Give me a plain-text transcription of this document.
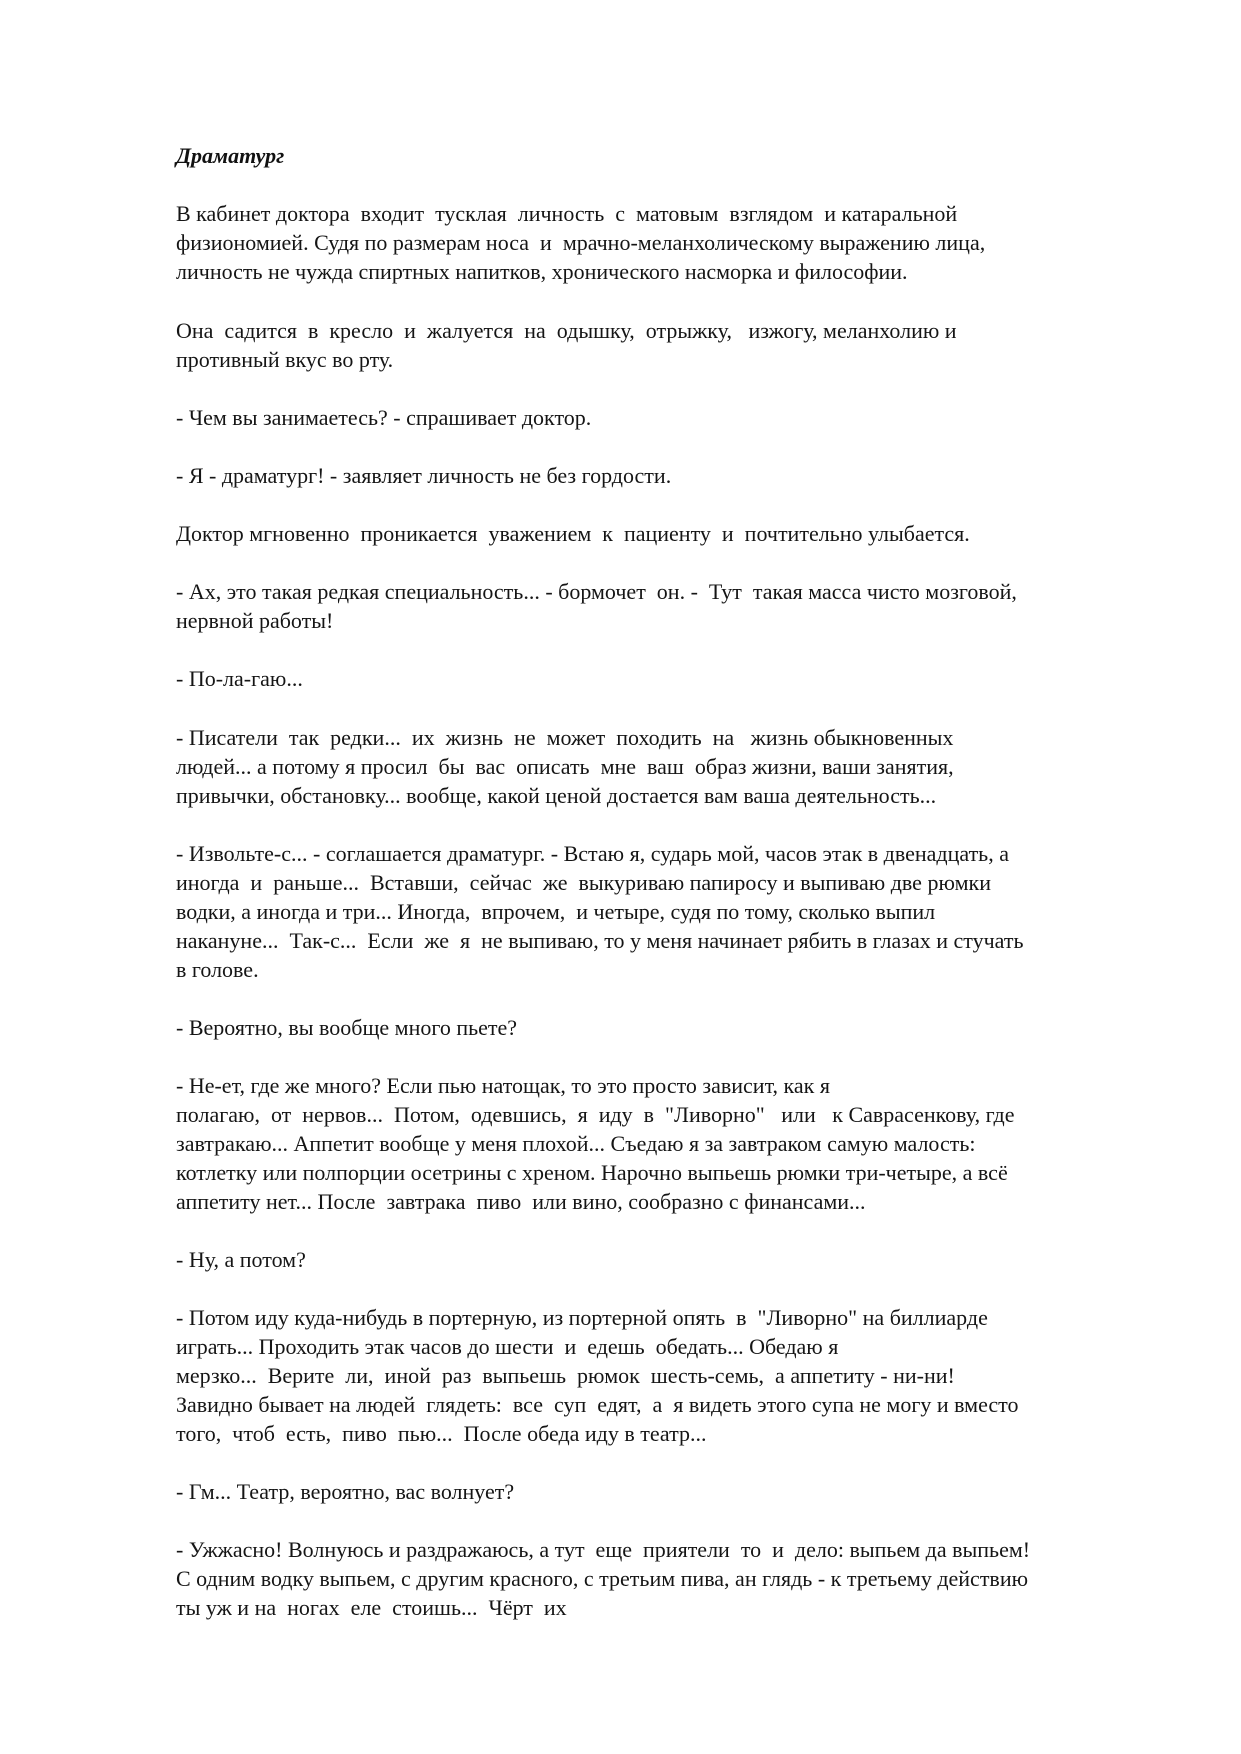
Драматург

В кабинет доктора  входит  тусклая  личность  с  матовым  взглядом  и катаральной

физиономией. Судя по размерам носа  и  мрачно-меланхолическому выражению лица,

личность не чужда спиртных напитков, хронического насморка и философии.

Она  садится  в  кресло  и  жалуется  на  одышку,  отрыжку,   изжогу, меланхолию и

противный вкус во рту.

- Чем вы занимаетесь? - спрашивает доктор.

- Я - драматург! - заявляет личность не без гордости.

Доктор мгновенно  проникается  уважением  к  пациенту  и  почтительно улыбается.

- Ах, это такая редкая специальность... - бормочет  он. -  Тут  такая масса чисто мозговой,

нервной работы!

- По-ла-гаю...

- Писатели  так  редки...  их  жизнь  не  может  походить  на   жизнь обыкновенных

людей... а потому я просил  бы  вас  описать  мне  ваш  образ жизни, ваши занятия,

привычки, обстановку... вообще, какой ценой достается вам ваша деятельность...

- Извольте-с... - соглашается драматург. - Встаю я, сударь мой, часов этак в двенадцать, а

иногда  и  раньше...  Вставши,  сейчас  же  выкуриваю папиросу и выпиваю две рюмки

водки, а иногда и три... Иногда,  впрочем,  и четыре, судя по тому, сколько выпил

накануне...  Так-с...  Если  же  я  не выпиваю, то у меня начинает рябить в глазах и стучать

в голове.

- Вероятно, вы вообще много пьете?

- Не-ет, где же много? Если пью натощак, то это просто зависит, как я

полагаю,  от  нервов...  Потом,  одевшись,  я  иду  в  "Ливорно"   или   к Саврасенкову, где

завтракаю... Аппетит вообще у меня плохой... Съедаю я за завтраком самую малость:

котлетку или полпорции осетрины с хреном. Нарочно выпьешь рюмки три-четыре, а всё

аппетиту нет... После  завтрака  пиво  или вино, сообразно с финансами...

- Ну, а потом?

- Потом иду куда-нибудь в портерную, из портерной опять  в  "Ливорно" на биллиарде

играть... Проходить этак часов до шести  и  едешь  обедать... Обедаю я

мерзко...  Верите  ли,  иной  раз  выпьешь  рюмок  шесть-семь,  а аппетиту - ни-ни!

Завидно бывает на людей  глядеть:  все  суп  едят,  а  я видеть этого супа не могу и вместо

того,  чтоб  есть,  пиво  пью...  После обеда иду в театр...

- Гм... Театр, вероятно, вас волнует?

- Ужжасно! Волнуюсь и раздражаюсь, а тут  еще  приятели  то  и  дело: выпьем да выпьем!

С одним водку выпьем, с другим красного, с третьим пива, ан глядь - к третьему действию

ты уж и на  ногах  еле  стоишь...  Чёрт  их
